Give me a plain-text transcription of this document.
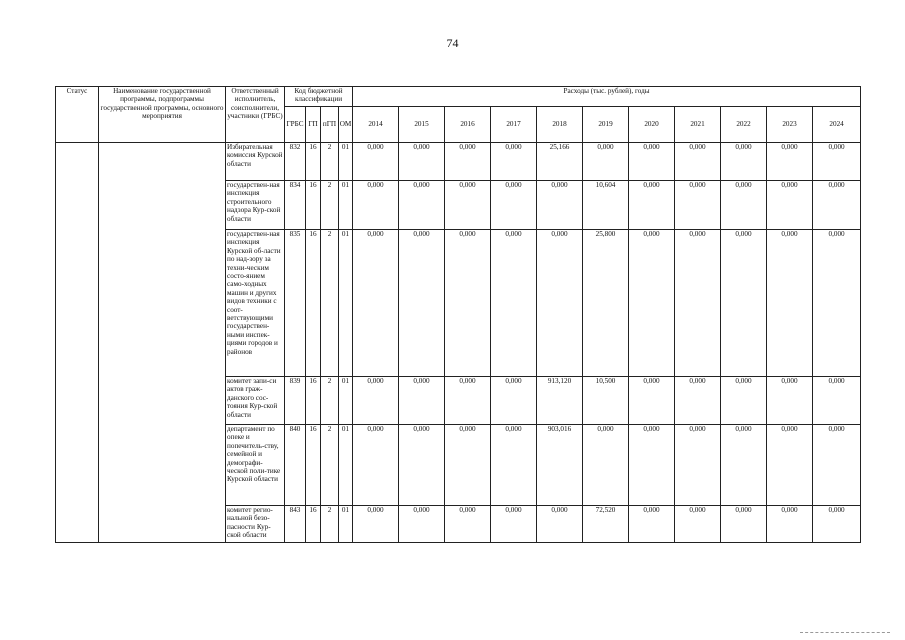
74
Статус	Наименование государственной программы, подпрограммы государственной программы, основного мероприятия	Ответственный исполнитель, соисполнители, участники (ГРБС)	Код бюджетной классификации				Расходы (тыс. рублей), годы										
			ГРБС	ГП	пГП	ОМ	2014	2015	2016	2017	2018	2019	2020	2021	2022	2023	2024
		Избирательная комиссия Курской области	832	16	2	01	0,000	0,000	0,000	0,000	25,166	0,000	0,000	0,000	0,000	0,000	0,000
		государствен-ная инспекция строительного надзора Кур-ской области	834	16	2	01	0,000	0,000	0,000	0,000	0,000	10,604	0,000	0,000	0,000	0,000	0,000
		государствен-ная инспекция Курской об-ласти по над-зору за техни-ческим состо-янием само-ходных машин и других видов техники с соот-ветствующими государствен-ными инспек-циями городов и районов	835	16	2	01	0,000	0,000	0,000	0,000	0,000	25,800	0,000	0,000	0,000	0,000	0,000
		комитет запи-си актов граж-данского сос-тояния Кур-ской области	839	16	2	01	0,000	0,000	0,000	0,000	913,120	10,500	0,000	0,000	0,000	0,000	0,000
		департамент по опеке и попечитель-ству, семейной и демографи-ческой поли-тике Курской области	840	16	2	01	0,000	0,000	0,000	0,000	903,016	0,000	0,000	0,000	0,000	0,000	0,000
		комитет регио-нальной безо-пасности Кур-ской области	843	16	2	01	0,000	0,000	0,000	0,000	0,000	72,520	0,000	0,000	0,000	0,000	0,000
